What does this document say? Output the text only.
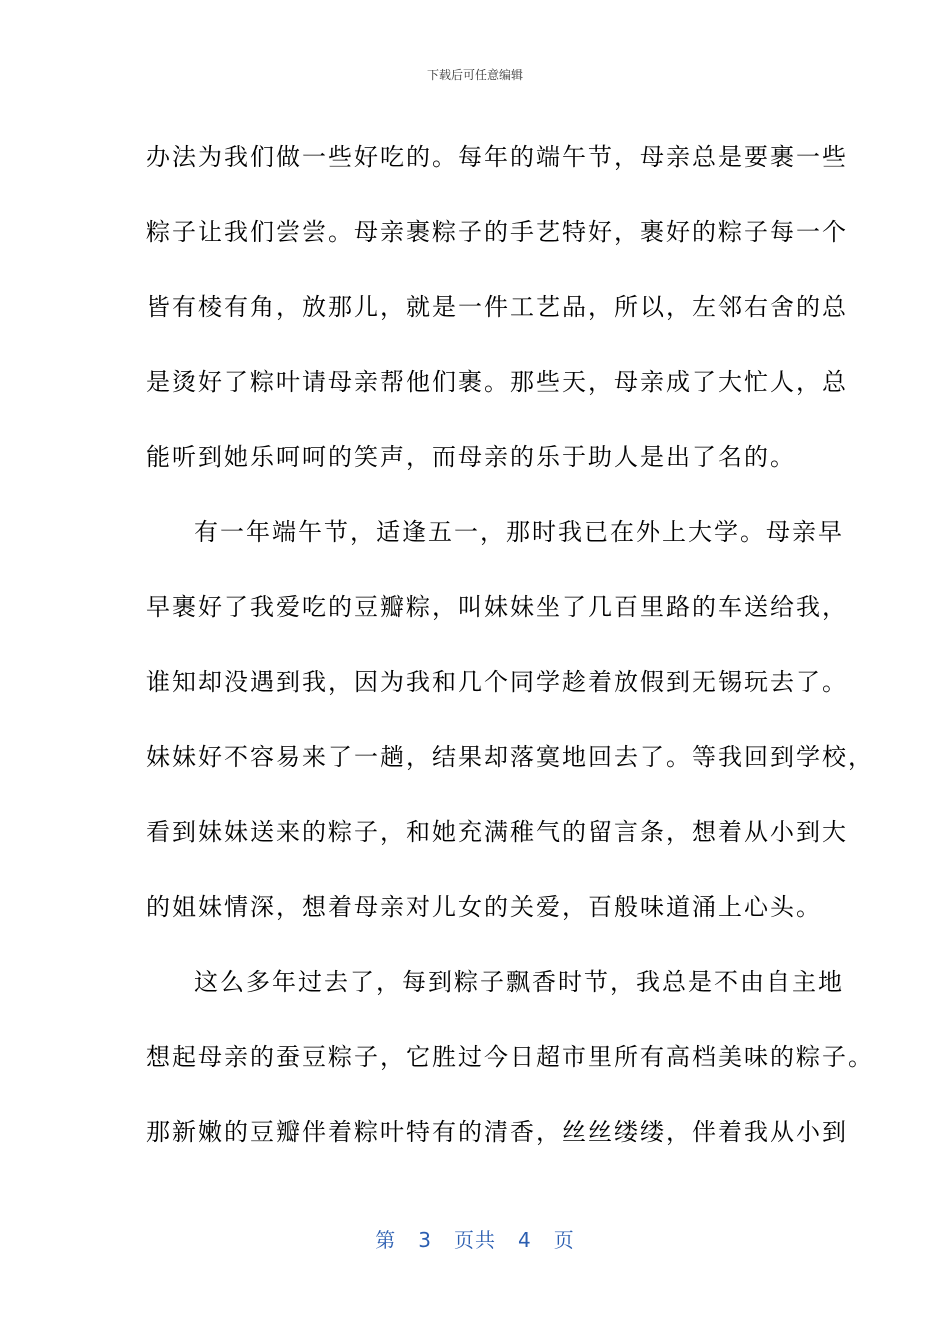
下载后可任意编辑
办法为我们做一些好吃的。每年的端午节，母亲总是要裹一些
粽子让我们尝尝。母亲裹粽子的手艺特好，裹好的粽子每一个
皆有棱有角，放那儿，就是一件工艺品，所以，左邻右舍的总
是烫好了粽叶请母亲帮他们裹。那些天，母亲成了大忙人，总
能听到她乐呵呵的笑声，而母亲的乐于助人是出了名的。
有一年端午节，适逢五一，那时我已在外上大学。母亲早
早裹好了我爱吃的豆瓣粽，叫妹妹坐了几百里路的车送给我，
谁知却没遇到我，因为我和几个同学趁着放假到无锡玩去了。
妹妹好不容易来了一趟，结果却落寞地回去了。等我回到学校，
看到妹妹送来的粽子，和她充满稚气的留言条，想着从小到大
的姐妹情深，想着母亲对儿女的关爱，百般味道涌上心头。
这么多年过去了，每到粽子飘香时节，我总是不由自主地
想起母亲的蚕豆粽子，它胜过今日超市里所有高档美味的粽子。
那新嫩的豆瓣伴着粽叶特有的清香，丝丝缕缕，伴着我从小到
第 3 页共 4 页
